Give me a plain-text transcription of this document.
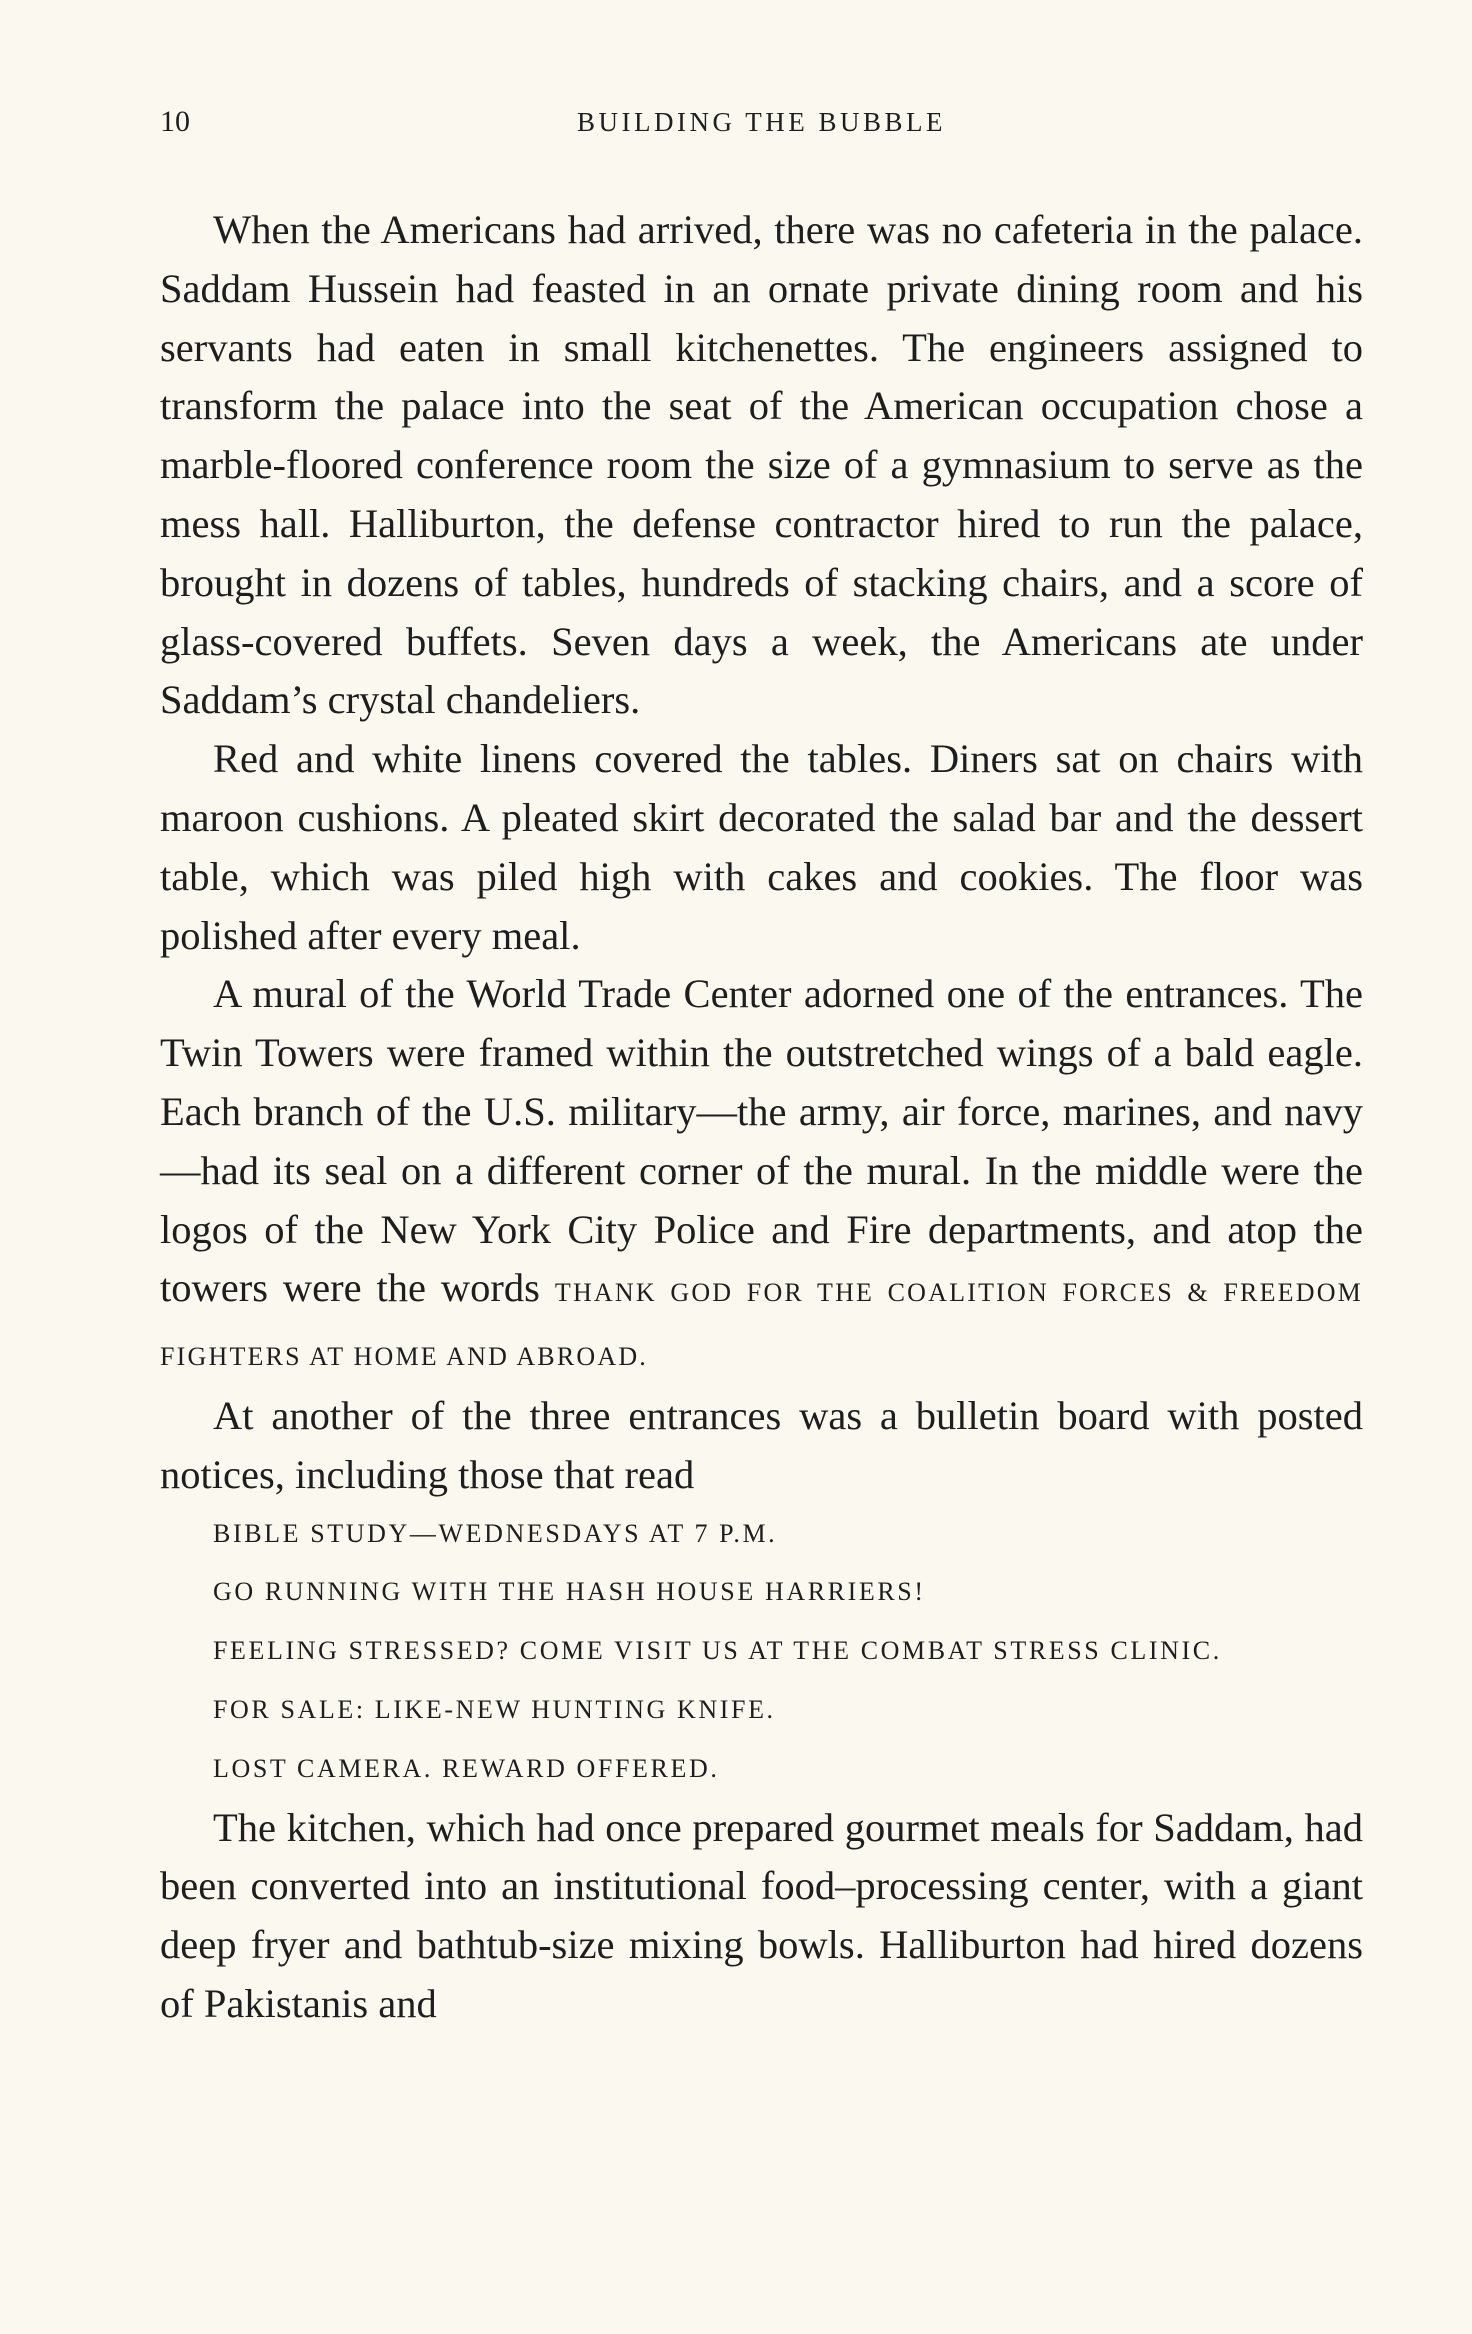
10	BUILDING THE BUBBLE

When the Americans had arrived, there was no cafeteria in the palace. Saddam Hussein had feasted in an ornate private dining room and his servants had eaten in small kitchenettes. The engineers assigned to transform the palace into the seat of the American occupation chose a marble-floored conference room the size of a gymnasium to serve as the mess hall. Halliburton, the defense contractor hired to run the palace, brought in dozens of tables, hundreds of stacking chairs, and a score of glass-covered buffets. Seven days a week, the Americans ate under Saddam’s crystal chandeliers.

Red and white linens covered the tables. Diners sat on chairs with maroon cushions. A pleated skirt decorated the salad bar and the dessert table, which was piled high with cakes and cookies. The floor was polished after every meal.

A mural of the World Trade Center adorned one of the entrances. The Twin Towers were framed within the outstretched wings of a bald eagle. Each branch of the U.S. military—the army, air force, marines, and navy—had its seal on a different corner of the mural. In the middle were the logos of the New York City Police and Fire departments, and atop the towers were the words THANK GOD FOR THE COALITION FORCES & FREEDOM FIGHTERS AT HOME AND ABROAD.

At another of the three entrances was a bulletin board with posted notices, including those that read

BIBLE STUDY—WEDNESDAYS AT 7 P.M.

GO RUNNING WITH THE HASH HOUSE HARRIERS!

FEELING STRESSED? COME VISIT US AT THE COMBAT STRESS CLINIC.

FOR SALE: LIKE-NEW HUNTING KNIFE.

LOST CAMERA. REWARD OFFERED.

The kitchen, which had once prepared gourmet meals for Saddam, had been converted into an institutional food–processing center, with a giant deep fryer and bathtub-size mixing bowls. Halliburton had hired dozens of Pakistanis and
